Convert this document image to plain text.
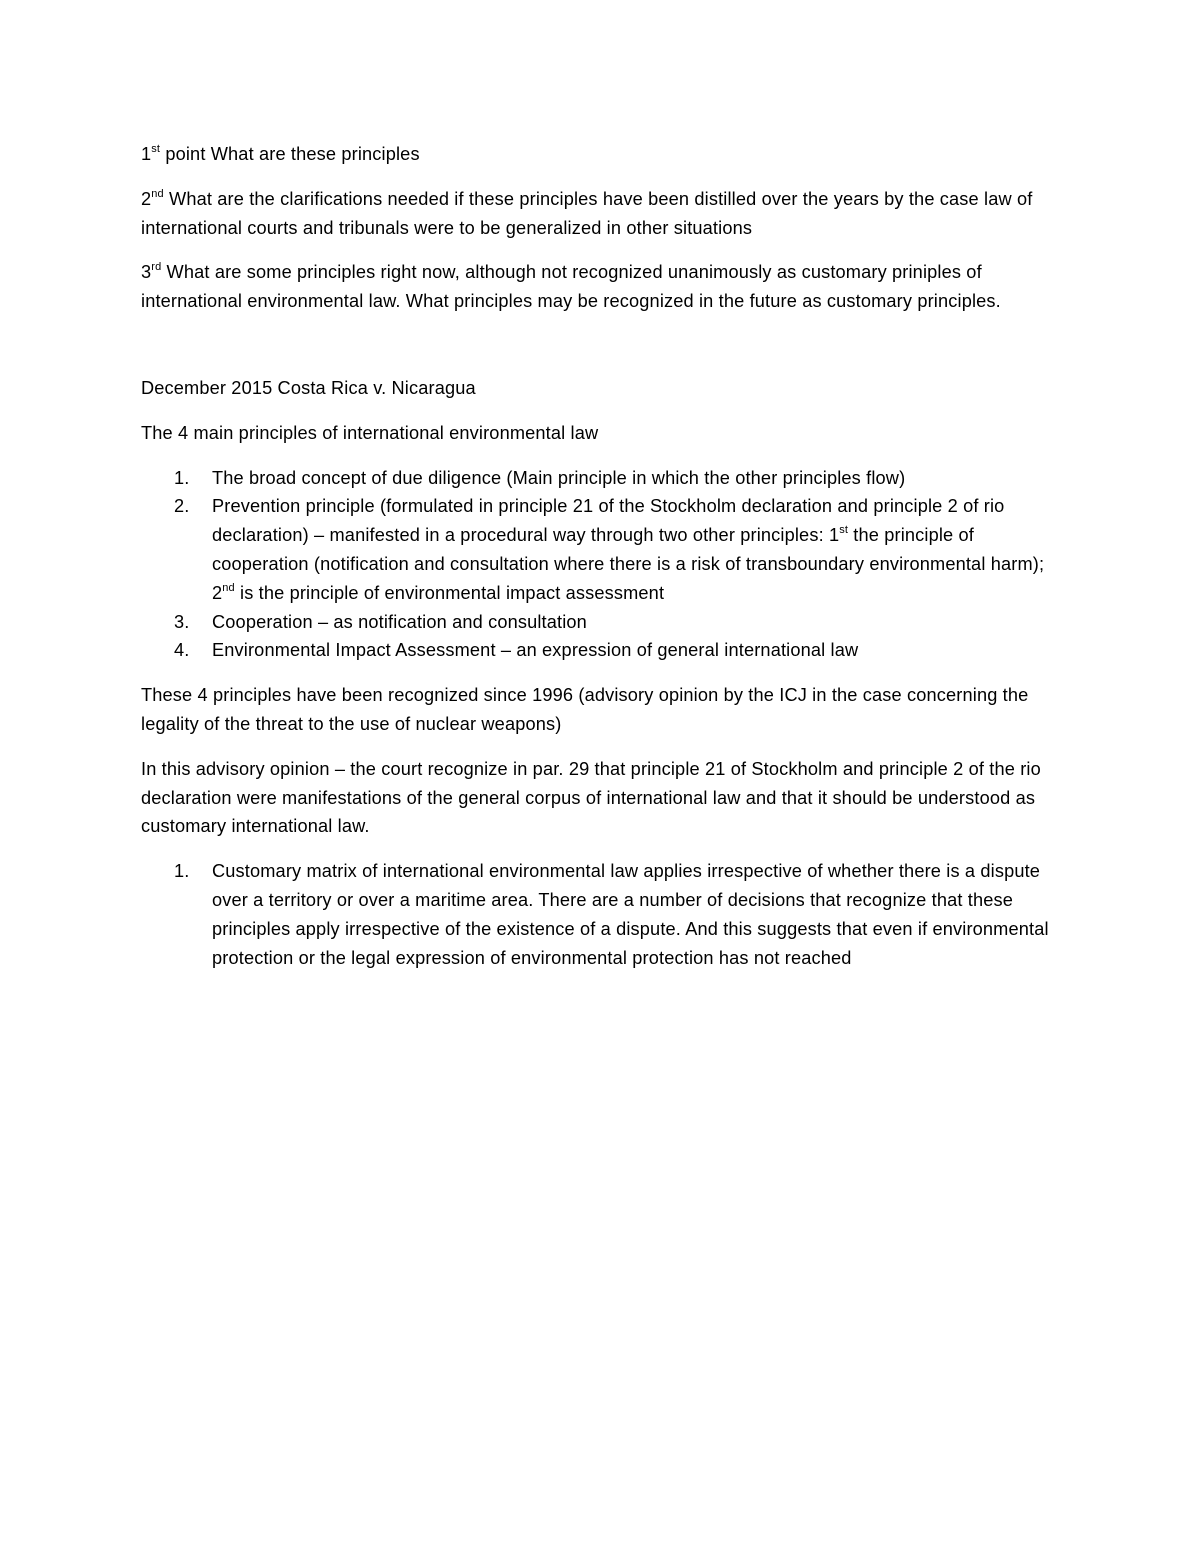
1st point What are these principles

2nd What are the clarifications needed if these principles have been distilled over the years by the case law of international courts and tribunals were to be generalized in other situations

3rd What are some principles right now, although not recognized unanimously as customary priniples of international environmental law. What principles may be recognized in the future as customary principles.

December 2015 Costa Rica v. Nicaragua

The 4 main principles of international environmental law

1. The broad concept of due diligence (Main principle in which the other principles flow)
2. Prevention principle (formulated in principle 21 of the Stockholm declaration and principle 2 of rio declaration) – manifested in a procedural way through two other principles: 1st the principle of cooperation (notification and consultation where there is a risk of transboundary environmental harm); 2nd is the principle of environmental impact assessment
3. Cooperation – as notification and consultation
4. Environmental Impact Assessment – an expression of general international law

These 4 principles have been recognized since 1996 (advisory opinion by the ICJ in the case concerning the legality of the threat to the use of nuclear weapons)

In this advisory opinion – the court recognize in par. 29 that principle 21 of Stockholm and principle 2 of the rio declaration were manifestations of the general corpus of international law and that it should be understood as customary international law.

1. Customary matrix of international environmental law applies irrespective of whether there is a dispute over a territory or over a maritime area. There are a number of decisions that recognize that these principles apply irrespective of the existence of a dispute. And this suggests that even if environmental protection or the legal expression of environmental protection has not reached
